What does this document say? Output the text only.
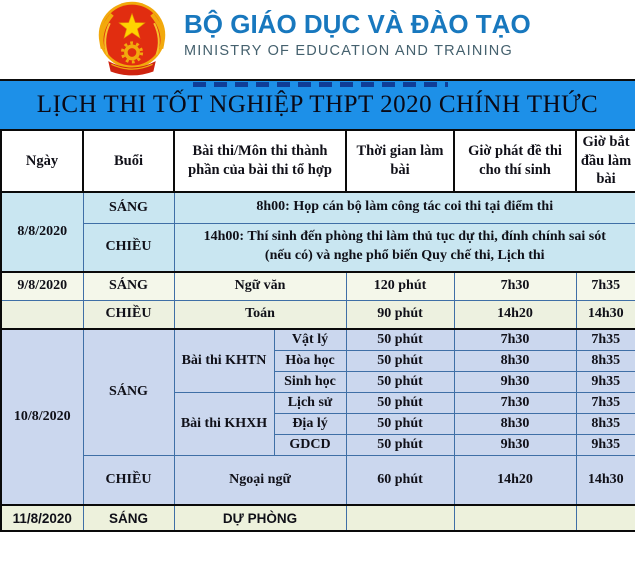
BỘ GIÁO DỤC VÀ ĐÀO TẠO
MINISTRY OF EDUCATION AND TRAINING
LỊCH THI TỐT NGHIỆP THPT 2020 CHÍNH THỨC
Ngày	Buổi	Bài thi/Môn thi thành phần của bài thi tổ hợp		Thời gian làm bài	Giờ phát đề thi cho thí sinh	Giờ bắt đầu làm bài
8/8/2020	SÁNG	8h00: Họp cán bộ làm công tác coi thi tại điểm thi				
	CHIỀU	14h00: Thí sinh đến phòng thi làm thủ tục dự thi, đính chính sai sót (nếu có) và nghe phổ biến Quy chế thi, Lịch thi				
9/8/2020	SÁNG	Ngữ văn		120 phút	7h30	7h35
	CHIỀU	Toán		90 phút	14h20	14h30
10/8/2020	SÁNG	Bài thi KHTN	Vật lý	50 phút	7h30	7h35
			Hòa học	50 phút	8h30	8h35
			Sinh học	50 phút	9h30	9h35
		Bài thi KHXH	Lịch sử	50 phút	7h30	7h35
			Địa lý	50 phút	8h30	8h35
			GDCD	50 phút	9h30	9h35
	CHIỀU	Ngoại ngữ		60 phút	14h20	14h30
11/8/2020	SÁNG	DỰ PHÒNG				
